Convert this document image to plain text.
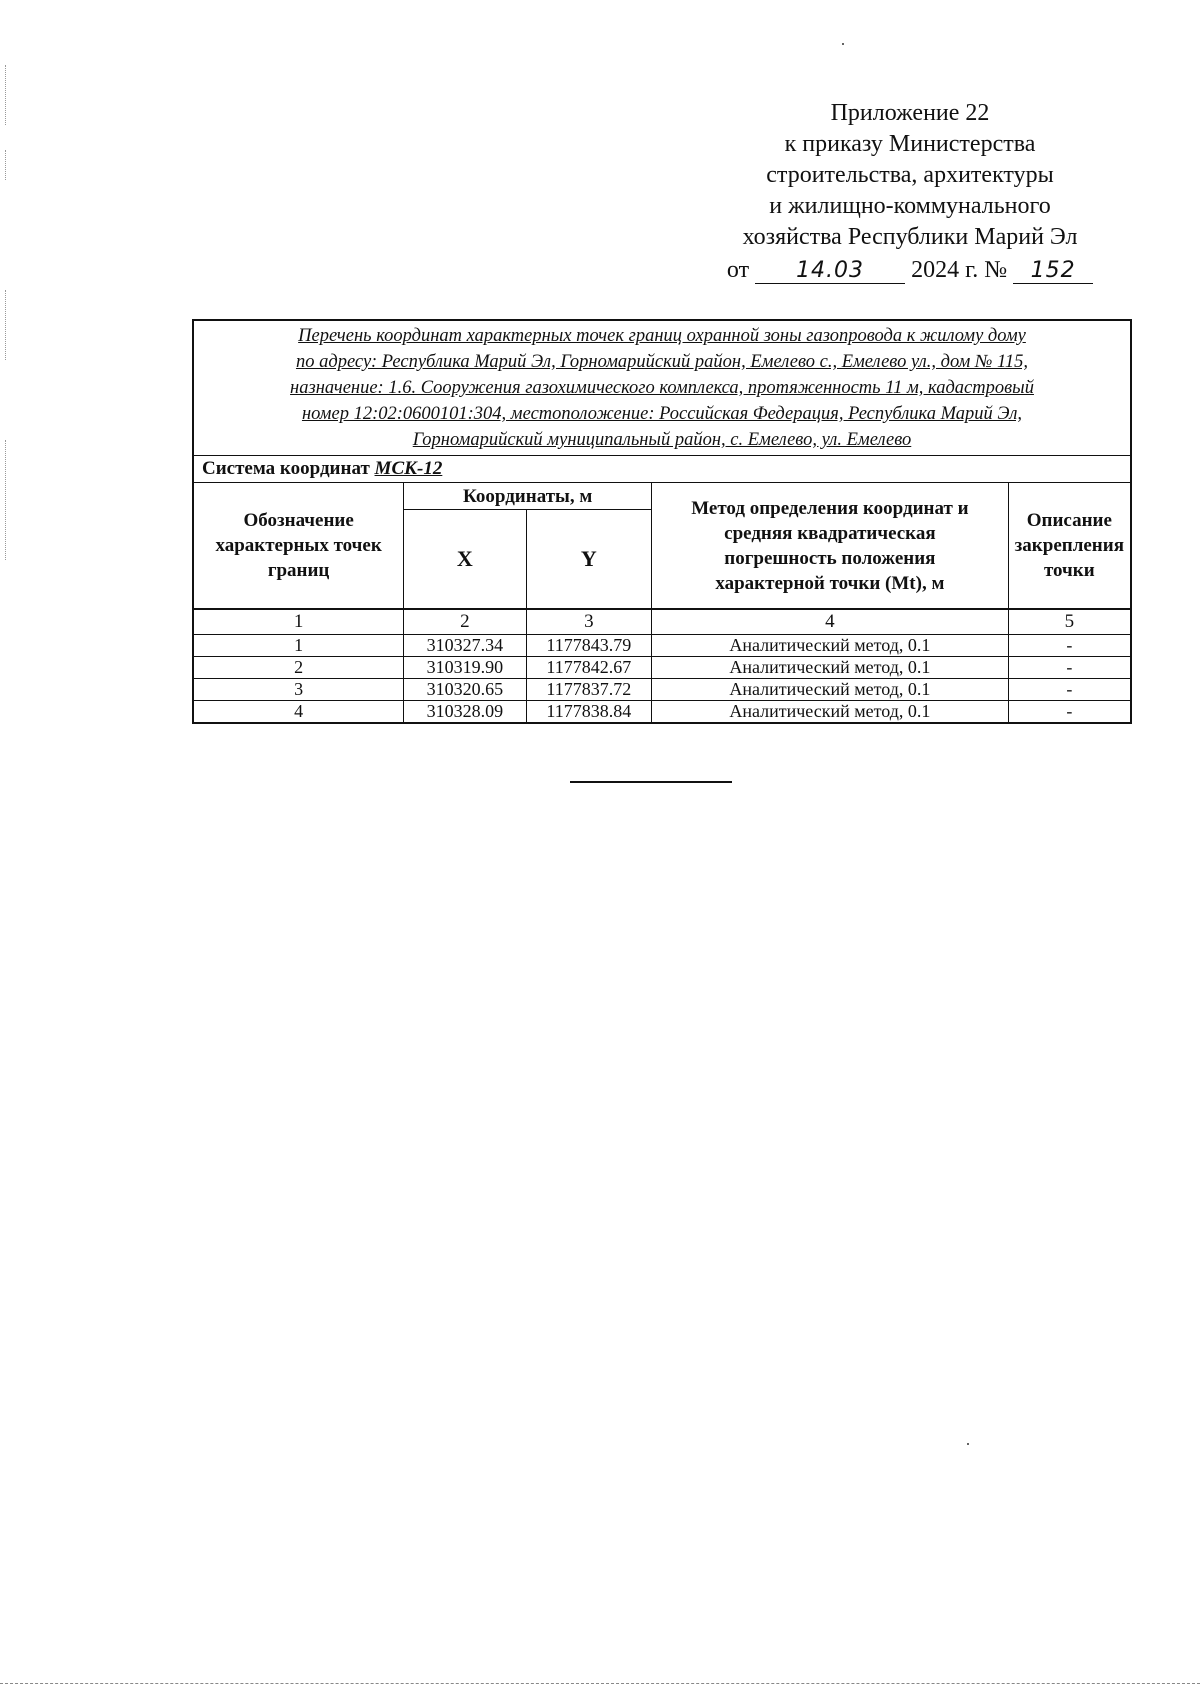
Приложение 22
к приказу Министерства
строительства, архитектуры
и жилищно-коммунального
хозяйства Республики Марий Эл
от 14.03 2024 г. № 152
Перечень координат характерных точек границ охранной зоны газопровода к жилому дому
по адресу: Республика Марий Эл, Горномарийский район, Емелево с., Емелево ул., дом № 115,
назначение: 1.6. Сооружения газохимического комплекса, протяженность 11 м, кадастровый
номер 12:02:0600101:304, местоположение: Российская Федерация, Республика Марий Эл,
Горномарийский муниципальный район, с. Емелево, ул. Емелево				

Система координат МСК-12				
Обозначение характерных точек границ	Координаты, м		Метод определения координат и средняя квадратическая погрешность положения характерной точки (Mt), м	Описание закрепления точки
	X	Y		
1	2	3	4	5
1	310327.34	1177843.79	Аналитический метод, 0.1	-
2	310319.90	1177842.67	Аналитический метод, 0.1	-
3	310320.65	1177837.72	Аналитический метод, 0.1	-
4	310328.09	1177838.84	Аналитический метод, 0.1	-
